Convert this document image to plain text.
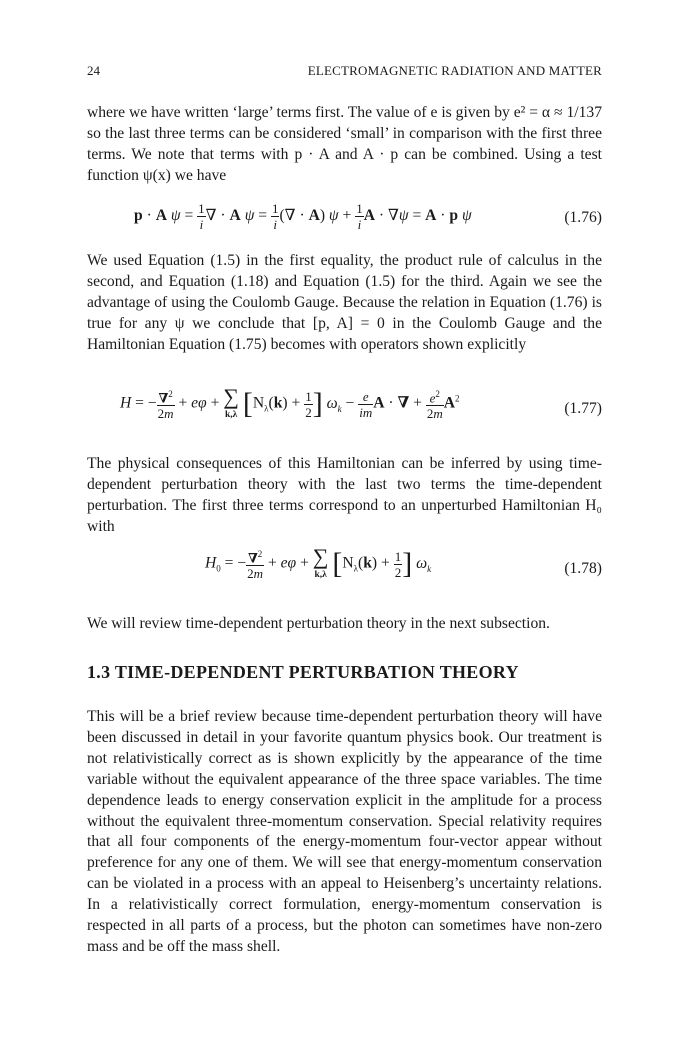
24	ELECTROMAGNETIC RADIATION AND MATTER

where we have written ‘large’ terms first. The value of e is given by e² = α ≈ 1/137 so the last three terms can be considered ‘small’ in comparison with the first three terms. We note that terms with p · A and A · p can be combined. Using a test function ψ(x) we have

p · A $\psi = \frac{1}{i}$ ∇ · A $\psi = \frac{1}{i}$ (∇ · A) $\psi + \frac{1}{i}$ A · ∇ψ = A · p ψ	(1.76)

We used Equation (1.5) in the first equality, the product rule of calculus in the second, and Equation (1.18) and Equation (1.5) for the third. Again we see the advantage of using the Coulomb Gauge. Because the relation in Equation (1.76) is true for any ψ we conclude that [p, A] = 0 in the Coulomb Gauge and the Hamiltonian Equation (1.75) becomes with operators shown explicitly

H = − $\frac{\nabla^2}{2m} + e\varphi$ + ∑
k,λ [$N_\lambda(k) + \frac{1}{2}$ ] $\omega_k - \frac{e}{im}$ A · ∇ + $\frac{e^2}{2m} A^2$
(1.77)

The physical consequences of this Hamiltonian can be inferred by using time-dependent perturbation theory with the last two terms the time-dependent perturbation. The first three terms correspond to an unperturbed Hamiltonian H₀ with

$H_0$ = − $\frac{\nabla^2}{2m} + e\varphi$ + ∑
k,λ [$N_\lambda(k) + \frac{1}{2}$ ] $\omega_k$	(1.78)

We will review time-dependent perturbation theory in the next subsection.

1.3 TIME-DEPENDENT PERTURBATION THEORY

This will be a brief review because time-dependent perturbation theory will have been discussed in detail in your favorite quantum physics book. Our treatment is not relativistically correct as is shown explicitly by the appearance of the time variable without the equivalent appearance of the three space variables. The time dependence leads to energy conservation explicit in the amplitude for a process without the equivalent three-momentum conservation. Special relativity requires that all four components of the energy-momentum four-vector appear without preference for any one of them. We will see that energy-momentum conservation can be violated in a process with an appeal to Heisenberg’s uncertainty relations. In a relativistically correct formulation, energy-momentum conservation is respected in all parts of a process, but the photon can sometimes have non-zero mass and be off the mass shell.
